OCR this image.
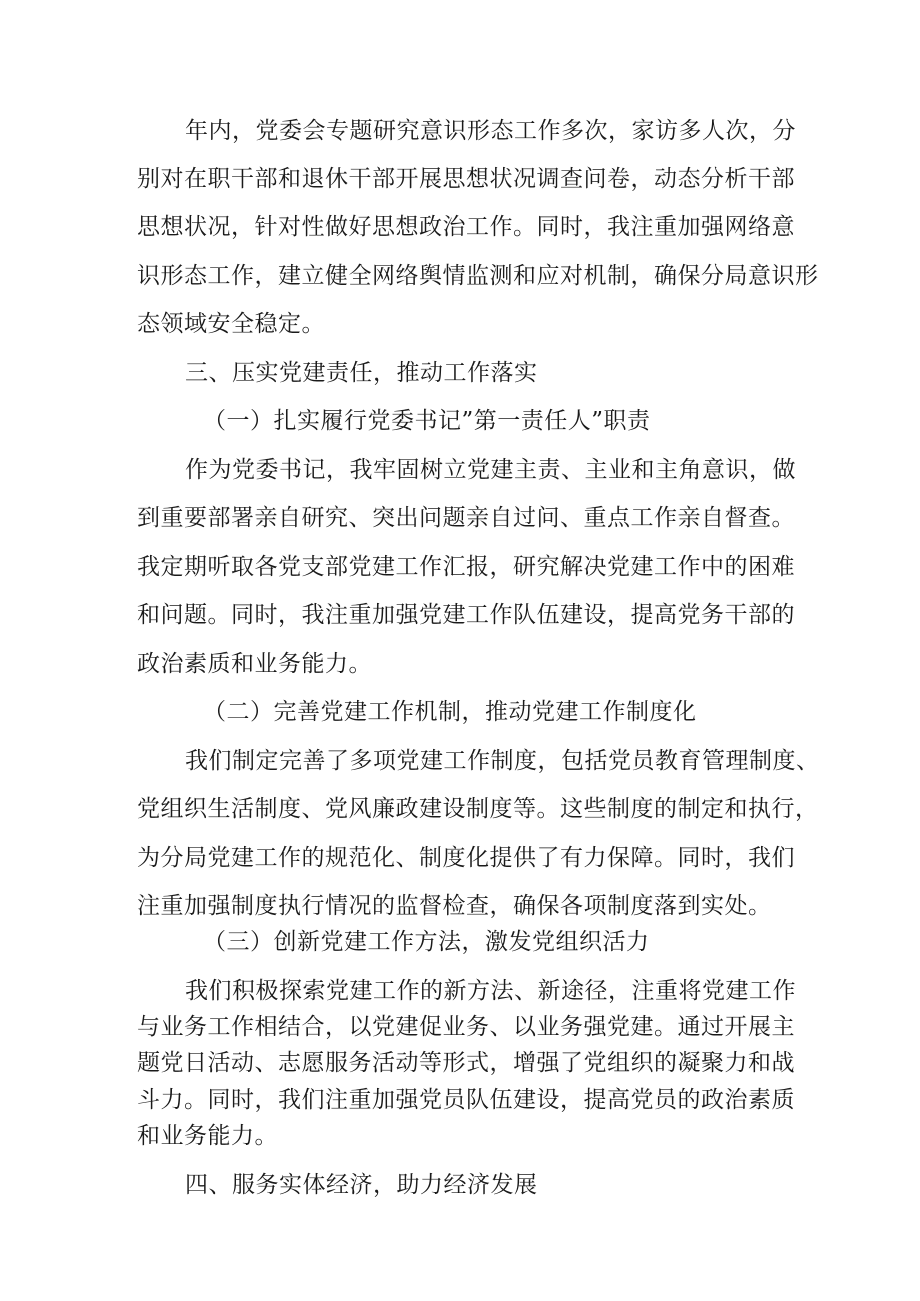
年内，党委会专题研究意识形态工作多次，家访多人次，分
别对在职干部和退休干部开展思想状况调查问卷，动态分析干部
思想状况，针对性做好思想政治工作。同时，我注重加强网络意
识形态工作，建立健全网络舆情监测和应对机制，确保分局意识形
态领域安全稳定。
三、压实党建责任，推动工作落实
（一）扎实履行党委书记”第一责任人”职责
作为党委书记，我牢固树立党建主责、主业和主角意识，做
到重要部署亲自研究、突出问题亲自过问、重点工作亲自督查。
我定期听取各党支部党建工作汇报，研究解决党建工作中的困难
和问题。同时，我注重加强党建工作队伍建设，提高党务干部的
政治素质和业务能力。
（二）完善党建工作机制，推动党建工作制度化
我们制定完善了多项党建工作制度，包括党员教育管理制度、
党组织生活制度、党风廉政建设制度等。这些制度的制定和执行，
为分局党建工作的规范化、制度化提供了有力保障。同时，我们
注重加强制度执行情况的监督检查，确保各项制度落到实处。
（三）创新党建工作方法，激发党组织活力
我们积极探索党建工作的新方法、新途径，注重将党建工作
与业务工作相结合，以党建促业务、以业务强党建。通过开展主
题党日活动、志愿服务活动等形式，增强了党组织的凝聚力和战
斗力。同时，我们注重加强党员队伍建设，提高党员的政治素质
和业务能力。
四、服务实体经济，助力经济发展
